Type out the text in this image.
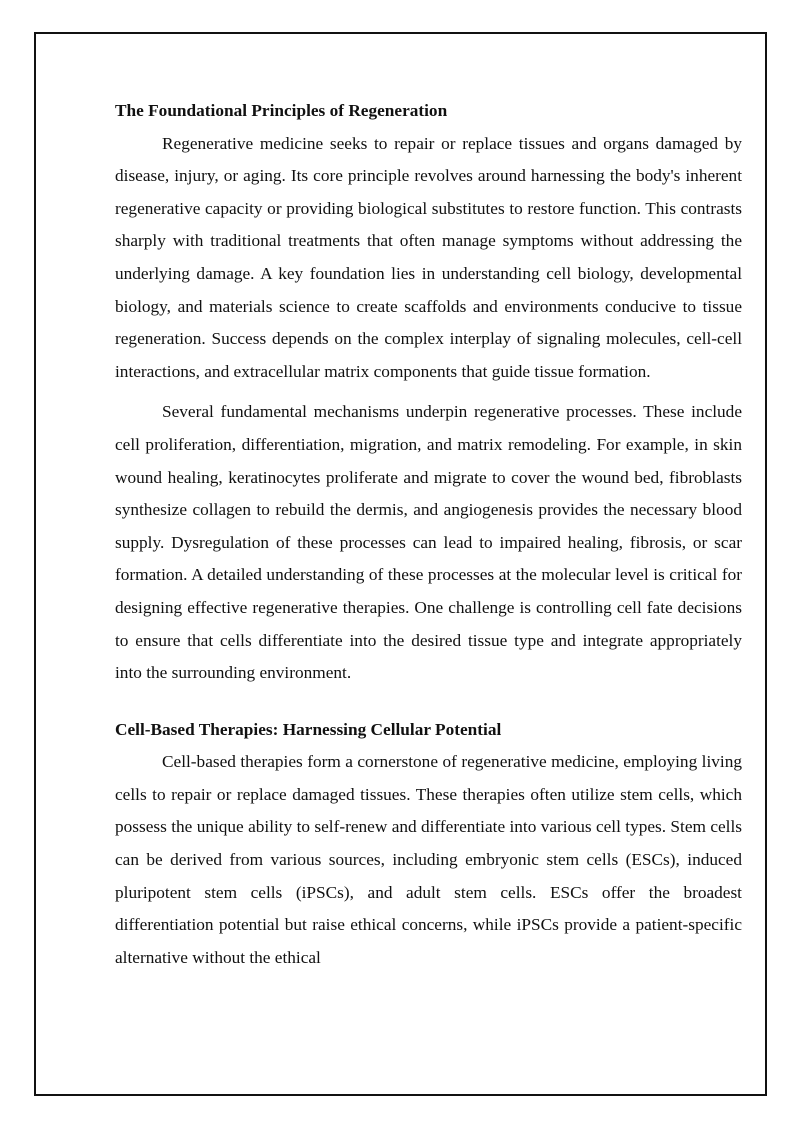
The Foundational Principles of Regeneration

Regenerative medicine seeks to repair or replace tissues and organs damaged by disease, injury, or aging. Its core principle revolves around harnessing the body's inherent regenerative capacity or providing biological substitutes to restore function. This contrasts sharply with traditional treatments that often manage symptoms without addressing the underlying damage. A key foundation lies in understanding cell biology, developmental biology, and materials science to create scaffolds and environments conducive to tissue regeneration. Success depends on the complex interplay of signaling molecules, cell-cell interactions, and extracellular matrix components that guide tissue formation.

Several fundamental mechanisms underpin regenerative processes. These include cell proliferation, differentiation, migration, and matrix remodeling. For example, in skin wound healing, keratinocytes proliferate and migrate to cover the wound bed, fibroblasts synthesize collagen to rebuild the dermis, and angiogenesis provides the necessary blood supply. Dysregulation of these processes can lead to impaired healing, fibrosis, or scar formation. A detailed understanding of these processes at the molecular level is critical for designing effective regenerative therapies. One challenge is controlling cell fate decisions to ensure that cells differentiate into the desired tissue type and integrate appropriately into the surrounding environment.

Cell-Based Therapies: Harnessing Cellular Potential

Cell-based therapies form a cornerstone of regenerative medicine, employing living cells to repair or replace damaged tissues. These therapies often utilize stem cells, which possess the unique ability to self-renew and differentiate into various cell types. Stem cells can be derived from various sources, including embryonic stem cells (ESCs), induced pluripotent stem cells (iPSCs), and adult stem cells. ESCs offer the broadest differentiation potential but raise ethical concerns, while iPSCs provide a patient-specific alternative without the ethical
